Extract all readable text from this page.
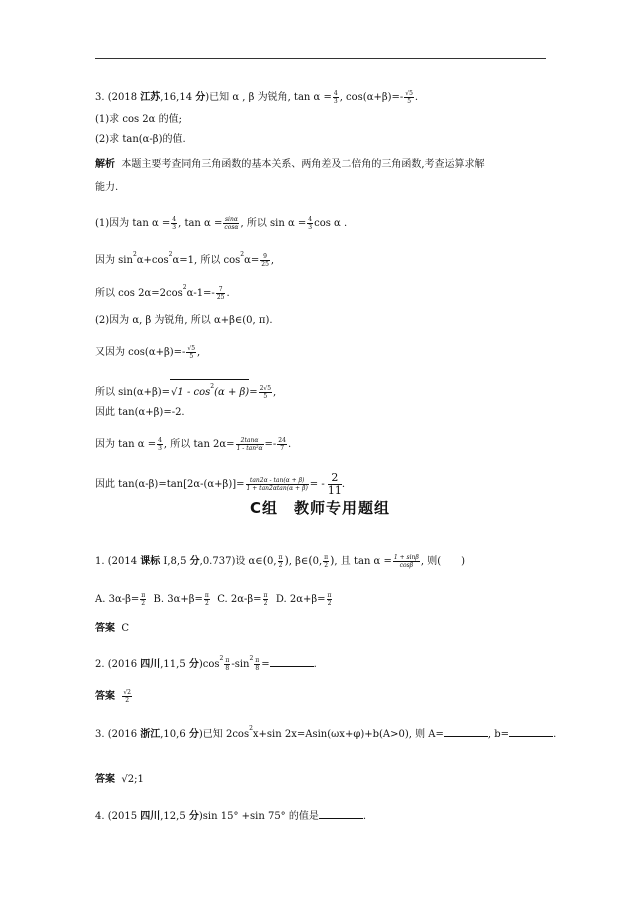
3. (2018 江苏,16,14 分)已知 α , β 为锐角, $\tan \alpha = \frac{4}{3}$ , $\cos(\alpha+\beta)=- \frac{√5}{5}$ .
(1)求 cos 2α 的值;
(2)求 tan(α-β)的值.
解析 本题主要考查同角三角函数的基本关系、两角差及二倍角的三角函数,考查运算求解
能力.
(1)因为 $\tan \alpha = \frac{4}{3}$ , $\tan \alpha = \frac{\sin\alpha}{\cos\alpha}$ , 所以 $\sin \alpha = \frac{4}{3}$ cos α .
因为 $\sin^2\alpha+\cos^2\alpha=1$, 所以 $\cos^2\alpha= \frac{9}{25}$ ,
所以 $\cos 2\alpha=2\cos^2\alpha-1=- \frac{7}{25}$ .
(2)因为 α, β 为锐角, 所以 α+β∈(0, π).
又因为 $\cos(\alpha+\beta)=- \frac{√5}{5}$ ,
所以 $\sin(\alpha+\beta)=√1 - \cos^2(\alpha + \beta)= \frac{2√5}{5}$ ,
因此 tan(α+β)=-2.
因为 $\tan \alpha = \frac{4}{3}$ , 所以 $\tan 2\alpha= \frac{2\tan\alpha}{\text{1 - tan²α}} =- \frac{24}{7}$ .
因此 $\tan(\alpha-\beta)=\tan[2\alpha-(\alpha+\beta)]= \frac{\tan 2\alpha - \tan(\alpha + \beta)}{1 + \tan 2\alpha\tan(\alpha + \beta)}$ = - $\frac{2}{11}$.
C组　教师专用题组
1. (2014 课标 I,8,5 分,0.737)设 α∈(0, $\frac{\pi}{2}$ ), β∈(0, $\frac{\pi}{2}$ ), 且 $\tan \alpha = \frac{1 + \sin\beta}{\cos\beta}$ , 则(　　)
A. $3\alpha-\beta= \frac{\pi}{2} B$. $3\alpha+\beta= \frac{\pi}{2} C$. $2\alpha-\beta= \frac{\pi}{2} D$. $2\alpha+\beta= \frac{\pi}{2}$
答案 C
2. (2016 四川,11,5 分)$\cos^2 \frac{\pi}{8} -\sin^2 \frac{\pi}{8}$ =	.
答案 $\frac{√2}{2}$
3. (2016 浙江,10,6 分)已知 $2\cos^2x+\sin$ 2x=Asin(ωx+φ)+b(A>0), 则 A=	, b=	.
答案 √2;1
4. (2015 四川,12,5 分)sin 15° +sin 75° 的值是	.
